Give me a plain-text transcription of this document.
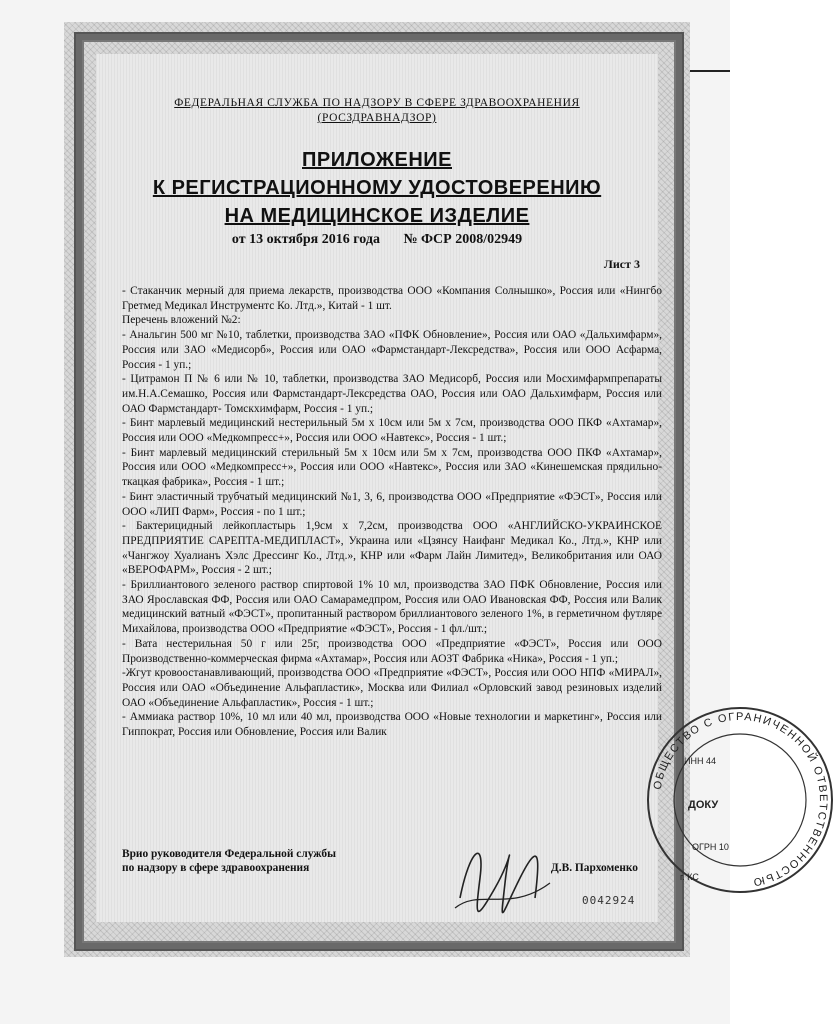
ФЕДЕРАЛЬНАЯ СЛУЖБА ПО НАДЗОРУ В СФЕРЕ ЗДРАВООХРАНЕНИЯ
(РОСЗДРАВНАДЗОР)
ПРИЛОЖЕНИЕ
К РЕГИСТРАЦИОННОМУ УДОСТОВЕРЕНИЮ
НА МЕДИЦИНСКОЕ ИЗДЕЛИЕ
от 13 октября 2016 года № ФСР 2008/02949
Лист 3

- Стаканчик мерный для приема лекарств, производства ООО «Компания Солнышко», Россия или «Нингбо Гретмед Медикал Инструментс Ко. Лтд.», Китай - 1 шт.

Перечень вложений №2:

- Анальгин 500 мг №10, таблетки, производства ЗАО «ПФК Обновление», Россия или ОАО «Дальхимфарм», Россия или ЗАО «Медисорб», Россия или ОАО «Фармстандарт-Лексредства», Россия или ООО Асфарма, Россия - 1 уп.;

- Цитрамон П № 6 или № 10, таблетки, производства ЗАО Медисорб, Россия или Мосхимфармпрепараты им.Н.А.Семашко, Россия или Фармстандарт-Лексредства ОАО, Россия или ОАО Дальхимфарм, Россия или ОАО Фармстандарт- Томскхимфарм, Россия - 1 уп.;

- Бинт марлевый медицинский нестерильный 5м х 10см или 5м х 7см, производства ООО ПКФ «Ахтамар», Россия или ООО «Медкомпресс+», Россия или ООО «Навтекс», Россия - 1 шт.;

- Бинт марлевый медицинский стерильный 5м х 10см или 5м х 7см, производства ООО ПКФ «Ахтамар», Россия или ООО «Медкомпресс+», Россия или ООО «Навтекс», Россия или ЗАО «Кинешемская прядильно-ткацкая фабрика», Россия - 1 шт.;

- Бинт эластичный трубчатый медицинский №1, 3, 6, производства ООО «Предприятие «ФЭСТ», Россия или ООО «ЛИП Фарм», Россия - по 1 шт.;

- Бактерицидный лейкопластырь 1,9см х 7,2см, производства ООО «АНГЛИЙСКО-УКРАИНСКОЕ ПРЕДПРИЯТИЕ САРЕПТА-МЕДИПЛАСТ», Украина или «Цзянсу Наифанг Медикал Ко., Лтд.», КНР или «Чангжоу Хуалианъ Хэлс Дрессинг Ко., Лтд.», КНР или «Фарм Лайн Лимитед», Великобритания или ОАО «ВЕРОФАРМ», Россия - 2 шт.;

- Бриллиантового зеленого раствор спиртовой 1% 10 мл, производства ЗАО ПФК Обновление, Россия или ЗАО Ярославская ФФ, Россия или ОАО Самарамедпром, Россия или ОАО Ивановская ФФ, Россия или Валик медицинский ватный «ФЭСТ», пропитанный раствором бриллиантового зеленого 1%, в герметичном футляре Михайлова, производства ООО «Предприятие «ФЭСТ», Россия - 1 фл./шт.;

- Вата нестерильная 50 г или 25г, производства ООО «Предприятие «ФЭСТ», Россия или ООО Производственно-коммерческая фирма «Ахтамар», Россия или АОЗТ Фабрика «Ника», Россия - 1 уп.;

-Жгут кровоостанавливающий, производства ООО «Предприятие «ФЭСТ», Россия или ООО НПФ «МИРАЛ», Россия или ОАО «Объединение Альфапластик», Москва или Филиал «Орловский завод резиновых изделий ОАО «Объединение Альфапластик», Россия - 1 шт.;

- Аммиака раствор 10%, 10 мл или 40 мл, производства ООО «Новые технологии и маркетинг», Россия или Гиппократ, Россия или Обновление, Россия или Валик

Врио руководителя Федеральной службы
по надзору в сфере здравоохранения	Д.В. Пархоменко
0042924
ОБЩЕСТВО С ОГРАНИЧЕННОЙ ОТВЕТСТВЕННОСТЬЮ
ДОКУ
ИНН 44
ОГРН 10
г. КС
